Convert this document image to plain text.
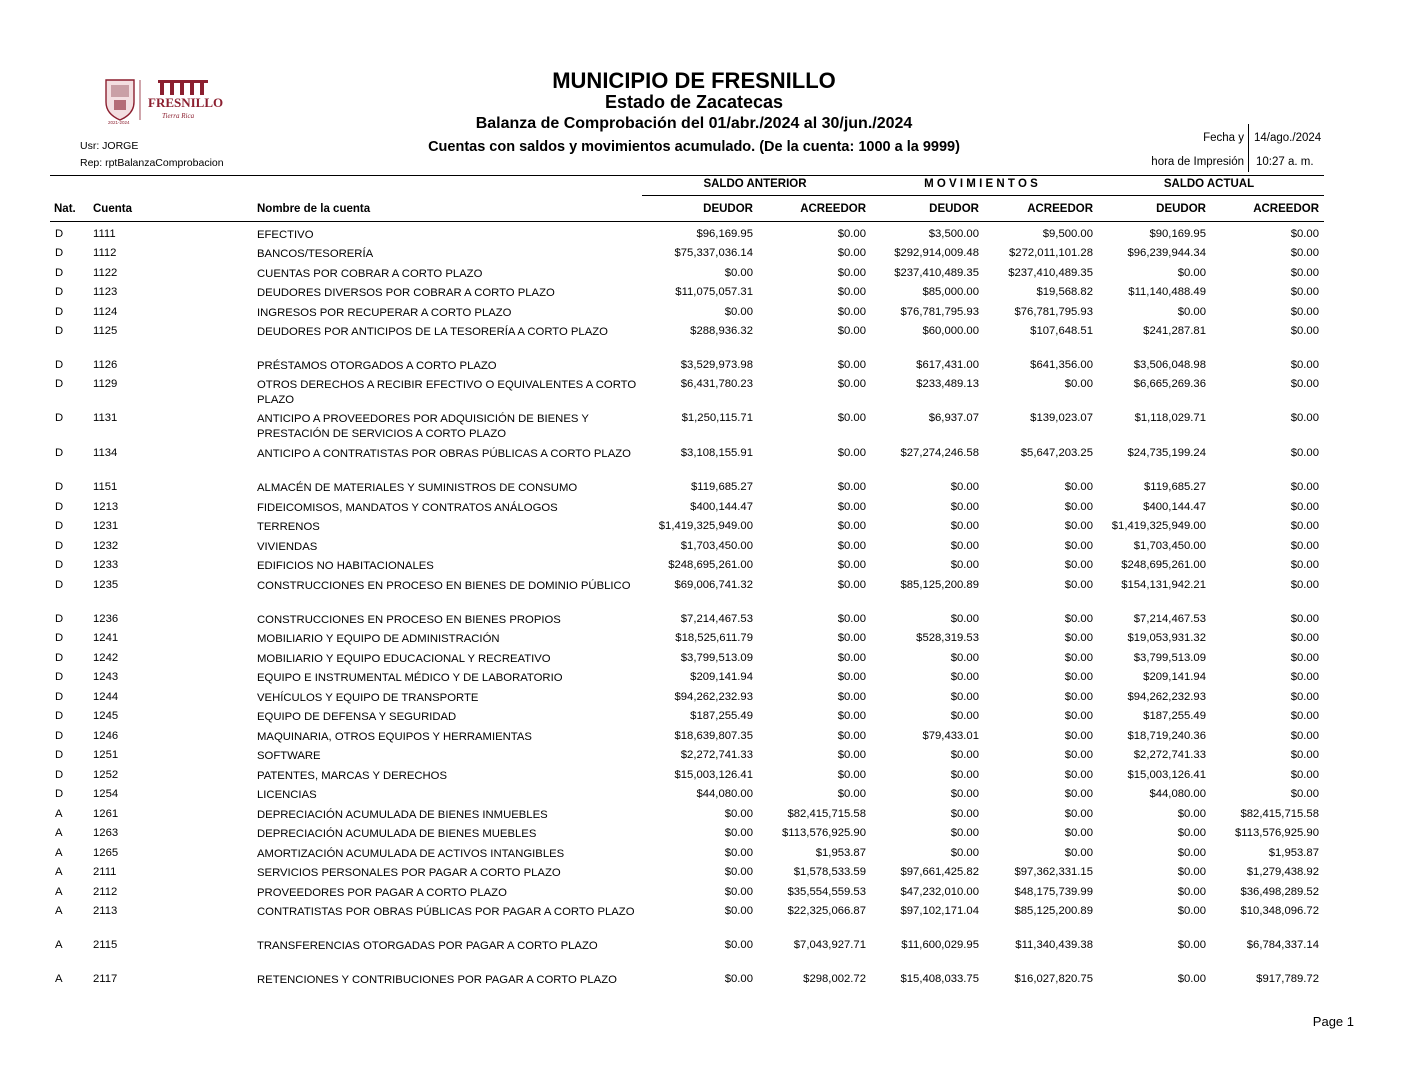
FRESNILLO
Tierra Rica
2021-2024
MUNICIPIO DE FRESNILLO
Estado de Zacatecas
Balanza de Comprobación del 01/abr./2024 al 30/jun./2024
Cuentas con saldos y movimientos acumulado. (De la cuenta: 1000 a la 9999)
Usr: JORGE
Rep: rptBalanzaComprobacion
Fecha y 14/ago./2024
hora de Impresión 10:27 a. m.
SALDO ANTERIOR	M O V I M I E N T O S	SALDO ACTUAL
Nat. Cuenta	Nombre de la cuenta	DEUDOR	ACREEDOR	DEUDOR	ACREEDOR	DEUDOR	ACREEDOR
D	1111	EFECTIVO	$96,169.95	$0.00	$3,500.00	$9,500.00	$90,169.95	$0.00
D	1112	BANCOS/TESORERÍA	$75,337,036.14	$0.00	$292,914,009.48	$272,011,101.28	$96,239,944.34	$0.00
D	1122	CUENTAS POR COBRAR A CORTO PLAZO	$0.00	$0.00	$237,410,489.35	$237,410,489.35	$0.00	$0.00
D	1123	DEUDORES DIVERSOS POR COBRAR A CORTO PLAZO	$11,075,057.31	$0.00	$85,000.00	$19,568.82	$11,140,488.49	$0.00
D	1124	INGRESOS POR RECUPERAR A CORTO PLAZO	$0.00	$0.00	$76,781,795.93	$76,781,795.93	$0.00	$0.00
D	1125	DEUDORES POR ANTICIPOS DE LA TESORERÍA A CORTO PLAZO	$288,936.32	$0.00	$60,000.00	$107,648.51	$241,287.81	$0.00
D	1126	PRÉSTAMOS OTORGADOS A CORTO PLAZO	$3,529,973.98	$0.00	$617,431.00	$641,356.00	$3,506,048.98	$0.00
D	1129	OTROS DERECHOS A RECIBIR EFECTIVO O EQUIVALENTES A CORTO PLAZO
$6,431,780.23	$0.00	$233,489.13	$0.00	$6,665,269.36	$0.00
D	1131	ANTICIPO A PROVEEDORES POR ADQUISICIÓN DE BIENES Y PRESTACIÓN DE SERVICIOS A CORTO PLAZO
$1,250,115.71	$0.00	$6,937.07	$139,023.07	$1,118,029.71	$0.00
D	1134	ANTICIPO A CONTRATISTAS POR OBRAS PÚBLICAS A CORTO PLAZO	$3,108,155.91	$0.00	$27,274,246.58	$5,647,203.25	$24,735,199.24	$0.00
D	1151	ALMACÉN DE MATERIALES Y SUMINISTROS DE CONSUMO	$119,685.27	$0.00	$0.00	$0.00	$119,685.27	$0.00
D	1213	FIDEICOMISOS, MANDATOS Y CONTRATOS ANÁLOGOS	$400,144.47	$0.00	$0.00	$0.00	$400,144.47	$0.00
D	1231	TERRENOS	$1,419,325,949.00	$0.00	$0.00	$0.00	$1,419,325,949.00	$0.00
D	1232	VIVIENDAS	$1,703,450.00	$0.00	$0.00	$0.00	$1,703,450.00	$0.00
D	1233	EDIFICIOS NO HABITACIONALES	$248,695,261.00	$0.00	$0.00	$0.00	$248,695,261.00	$0.00
D	1235	CONSTRUCCIONES EN PROCESO EN BIENES DE DOMINIO PÚBLICO	$69,006,741.32	$0.00	$85,125,200.89	$0.00	$154,131,942.21	$0.00
D	1236	CONSTRUCCIONES EN PROCESO EN BIENES PROPIOS	$7,214,467.53	$0.00	$0.00	$0.00	$7,214,467.53	$0.00
D	1241	MOBILIARIO Y EQUIPO DE ADMINISTRACIÓN	$18,525,611.79	$0.00	$528,319.53	$0.00	$19,053,931.32	$0.00
D	1242	MOBILIARIO Y EQUIPO EDUCACIONAL Y RECREATIVO	$3,799,513.09	$0.00	$0.00	$0.00	$3,799,513.09	$0.00
D	1243	EQUIPO E INSTRUMENTAL MÉDICO Y DE LABORATORIO	$209,141.94	$0.00	$0.00	$0.00	$209,141.94	$0.00
D	1244	VEHÍCULOS Y EQUIPO DE TRANSPORTE	$94,262,232.93	$0.00	$0.00	$0.00	$94,262,232.93	$0.00
D	1245	EQUIPO DE DEFENSA Y SEGURIDAD	$187,255.49	$0.00	$0.00	$0.00	$187,255.49	$0.00
D	1246	MAQUINARIA, OTROS EQUIPOS Y HERRAMIENTAS	$18,639,807.35	$0.00	$79,433.01	$0.00	$18,719,240.36	$0.00
D	1251	SOFTWARE	$2,272,741.33	$0.00	$0.00	$0.00	$2,272,741.33	$0.00
D	1252	PATENTES, MARCAS Y DERECHOS	$15,003,126.41	$0.00	$0.00	$0.00	$15,003,126.41	$0.00
D	1254	LICENCIAS	$44,080.00	$0.00	$0.00	$0.00	$44,080.00	$0.00
A	1261	DEPRECIACIÓN ACUMULADA DE BIENES INMUEBLES	$0.00	$82,415,715.58	$0.00	$0.00	$0.00	$82,415,715.58
A	1263	DEPRECIACIÓN ACUMULADA DE BIENES MUEBLES	$0.00	$113,576,925.90	$0.00	$0.00	$0.00	$113,576,925.90
A	1265	AMORTIZACIÓN ACUMULADA DE ACTIVOS INTANGIBLES	$0.00	$1,953.87	$0.00	$0.00	$0.00	$1,953.87
A	2111	SERVICIOS PERSONALES POR PAGAR A CORTO PLAZO	$0.00	$1,578,533.59	$97,661,425.82	$97,362,331.15	$0.00	$1,279,438.92
A	2112	PROVEEDORES POR PAGAR A CORTO PLAZO	$0.00	$35,554,559.53	$47,232,010.00	$48,175,739.99	$0.00	$36,498,289.52
A	2113	CONTRATISTAS POR OBRAS PÚBLICAS POR PAGAR A CORTO PLAZO	$0.00	$22,325,066.87	$97,102,171.04	$85,125,200.89	$0.00	$10,348,096.72
A	2115	TRANSFERENCIAS OTORGADAS POR PAGAR A CORTO PLAZO	$0.00	$7,043,927.71	$11,600,029.95	$11,340,439.38	$0.00	$6,784,337.14
A	2117	RETENCIONES Y CONTRIBUCIONES POR PAGAR A CORTO PLAZO	$0.00	$298,002.72	$15,408,033.75	$16,027,820.75	$0.00	$917,789.72
Page 1
